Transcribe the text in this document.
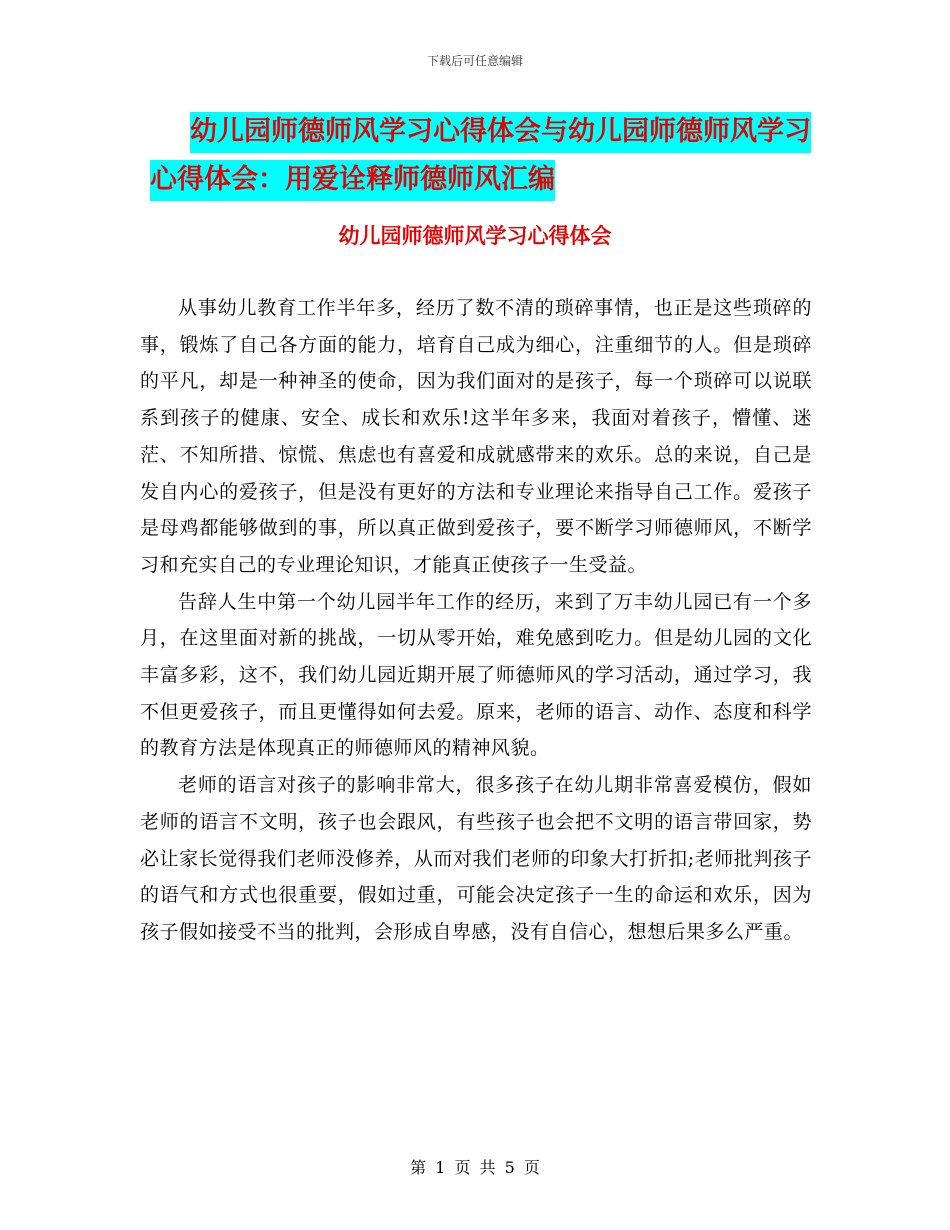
下载后可任意编辑
幼儿园师德师风学习心得体会与幼儿园师德师风学习
心得体会：用爱诠释师德师风汇编
幼儿园师德师风学习心得体会

从事幼儿教育工作半年多，经历了数不清的琐碎事情，也正是这些琐碎的事，锻炼了自己各方面的能力，培育自己成为细心，注重细节的人。但是琐碎的平凡，却是一种神圣的使命，因为我们面对的是孩子，每一个琐碎可以说联系到孩子的健康、安全、成长和欢乐!这半年多来，我面对着孩子，懵懂、迷茫、不知所措、惊慌、焦虑也有喜爱和成就感带来的欢乐。总的来说，自己是发自内心的爱孩子，但是没有更好的方法和专业理论来指导自己工作。爱孩子是母鸡都能够做到的事，所以真正做到爱孩子，要不断学习师德师风，不断学习和充实自己的专业理论知识，才能真正使孩子一生受益。

告辞人生中第一个幼儿园半年工作的经历，来到了万丰幼儿园已有一个多月，在这里面对新的挑战，一切从零开始，难免感到吃力。但是幼儿园的文化丰富多彩，这不，我们幼儿园近期开展了师德师风的学习活动，通过学习，我不但更爱孩子，而且更懂得如何去爱。原来，老师的语言、动作、态度和科学的教育方法是体现真正的师德师风的精神风貌。

老师的语言对孩子的影响非常大，很多孩子在幼儿期非常喜爱模仿，假如老师的语言不文明，孩子也会跟风，有些孩子也会把不文明的语言带回家，势必让家长觉得我们老师没修养，从而对我们老师的印象大打折扣;老师批判孩子的语气和方式也很重要，假如过重，可能会决定孩子一生的命运和欢乐，因为孩子假如接受不当的批判，会形成自卑感，没有自信心，想想后果多么严重。

第 1 页 共 5 页
